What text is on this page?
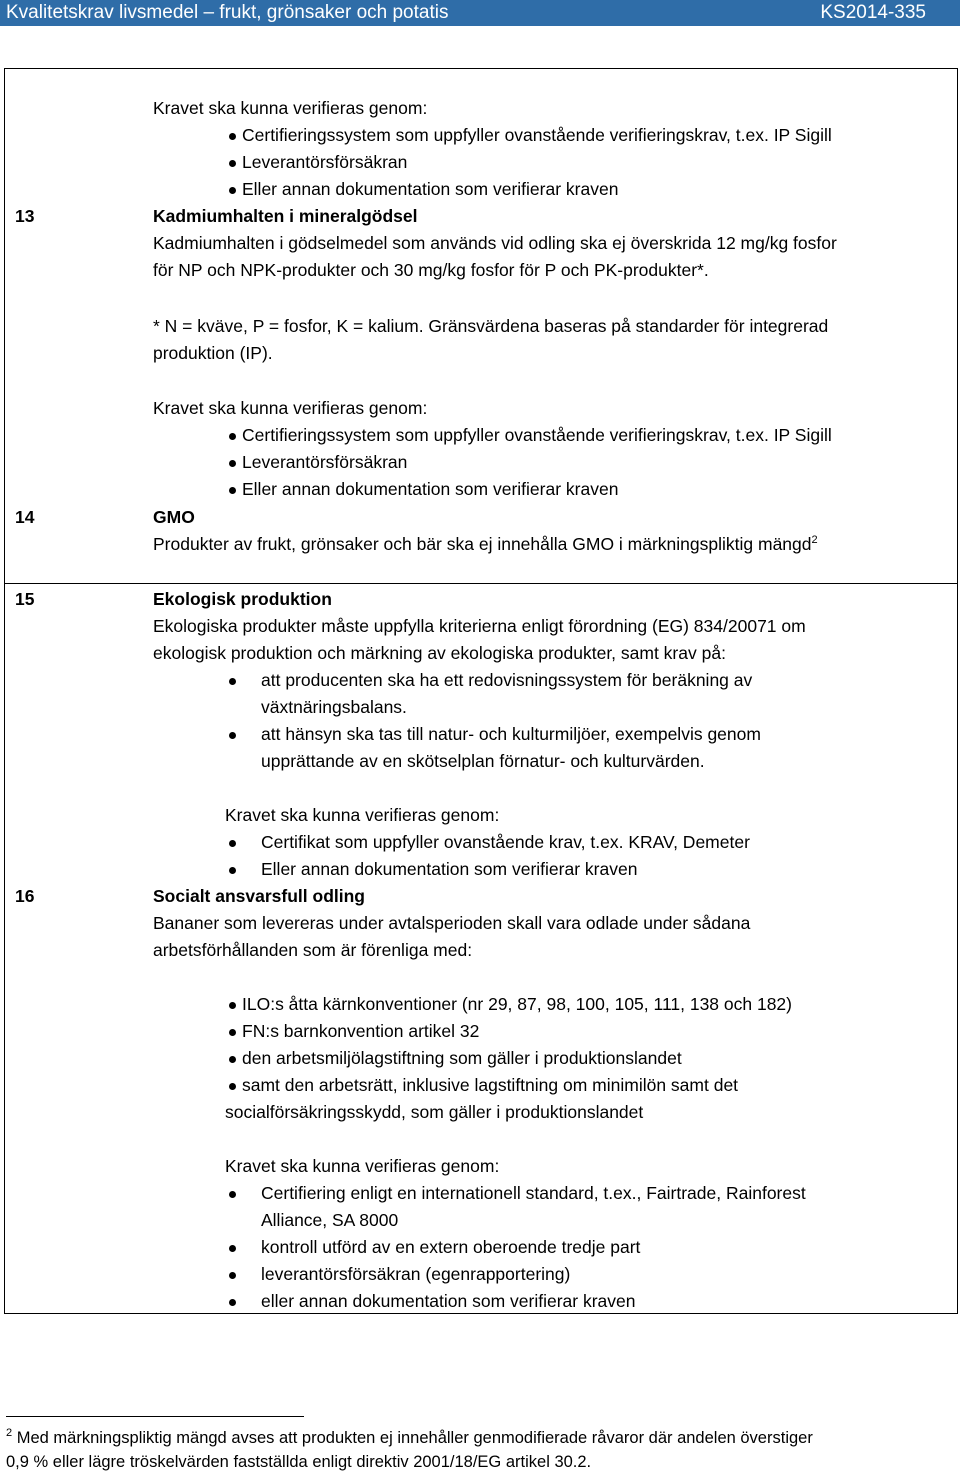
Kvalitetskrav livsmedel – frukt, grönsaker och potatis	KS2014-335
Kravet ska kunna verifieras genom:
Certifieringssystem som uppfyller ovanstående verifieringskrav, t.ex. IP Sigill
Leverantörsförsäkran
Eller annan dokumentation som verifierar kraven
13	Kadmiumhalten i mineralgödsel
Kadmiumhalten i gödselmedel som används vid odling ska ej överskrida 12 mg/kg fosfor
för NP och NPK-produkter och 30 mg/kg fosfor för P och PK-produkter*.
* N = kväve, P = fosfor, K = kalium. Gränsvärdena baseras på standarder för integrerad
produktion (IP).
Kravet ska kunna verifieras genom:
Certifieringssystem som uppfyller ovanstående verifieringskrav, t.ex. IP Sigill
Leverantörsförsäkran
Eller annan dokumentation som verifierar kraven
14	GMO
Produkter av frukt, grönsaker och bär ska ej innehålla GMO i märkningspliktig mängd$^2$
15	Ekologisk produktion
Ekologiska produkter måste uppfylla kriterierna enligt förordning (EG) 834/20071 om
ekologisk produktion och märkning av ekologiska produkter, samt krav på:
att producenten ska ha ett redovisningssystem för beräkning av
växtnäringsbalans.
att hänsyn ska tas till natur- och kulturmiljöer, exempelvis genom
upprättande av en skötselplan förnatur- och kulturvärden.
Kravet ska kunna verifieras genom:
Certifikat som uppfyller ovanstående krav, t.ex. KRAV, Demeter
Eller annan dokumentation som verifierar kraven
16	Socialt ansvarsfull odling
Bananer som levereras under avtalsperioden skall vara odlade under sådana
arbetsförhållanden som är förenliga med:
ILO:s åtta kärnkonventioner (nr 29, 87, 98, 100, 105, 111, 138 och 182)
FN:s barnkonvention artikel 32
den arbetsmiljölagstiftning som gäller i produktionslandet
samt den arbetsrätt, inklusive lagstiftning om minimilön samt det
socialförsäkringsskydd, som gäller i produktionslandet
Kravet ska kunna verifieras genom:
Certifiering enligt en internationell standard, t.ex., Fairtrade, Rainforest
Alliance, SA 8000
kontroll utförd av en extern oberoende tredje part
leverantörsförsäkran (egenrapportering)
eller annan dokumentation som verifierar kraven
$^2$ Med märkningspliktig mängd avses att produkten ej innehåller genmodifierade råvaror där andelen överstiger
0,9 % eller lägre tröskelvärden fastställda enligt direktiv 2001/18/EG artikel 30.2.
